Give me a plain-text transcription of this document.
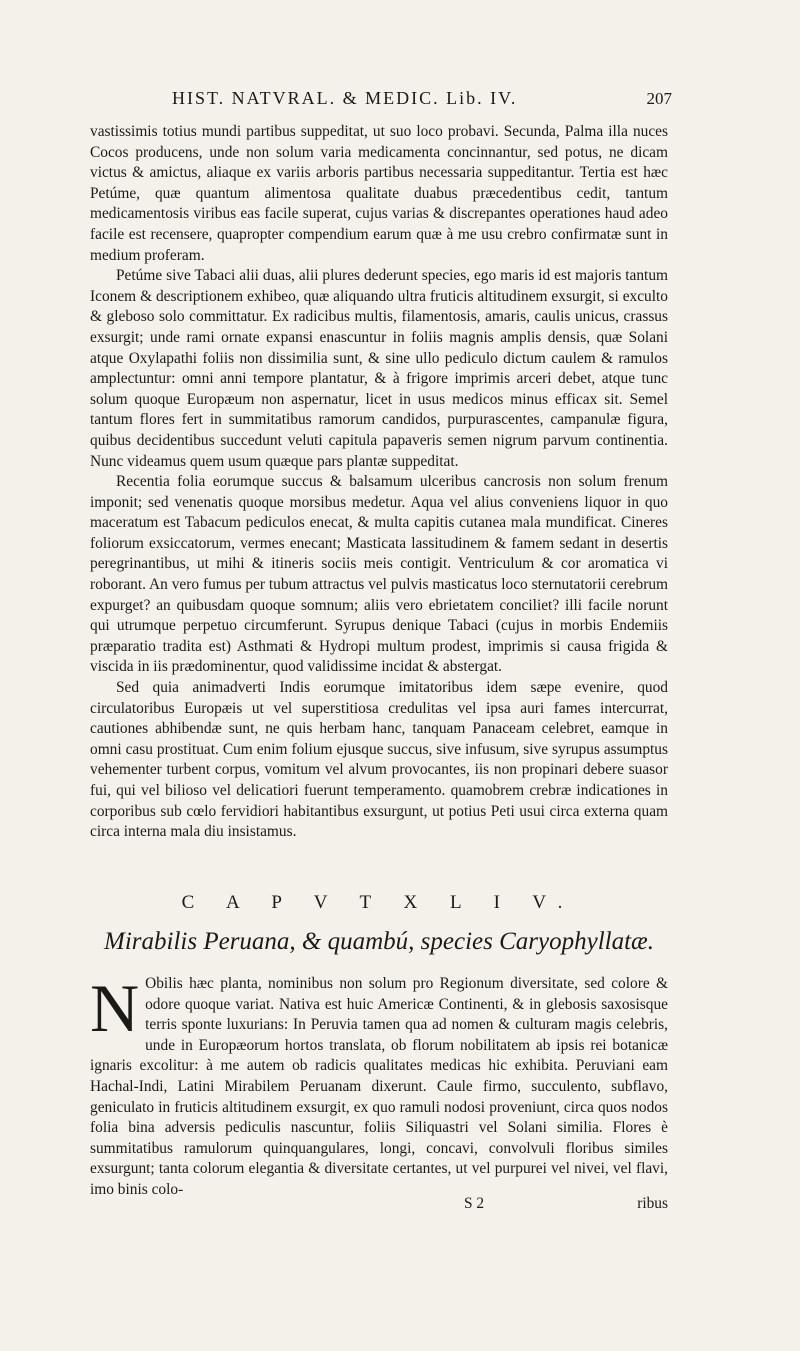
HIST. NATVRAL. & MEDIC. Lib. IV.	207

vastissimis totius mundi partibus suppeditat, ut suo loco probavi. Secunda, Palma illa nuces Cocos producens, unde non solum varia medicamenta concinnantur, sed potus, ne dicam victus & amictus, aliaque ex variis arboris partibus necessaria suppeditantur. Tertia est hæc Petúme, quæ quantum alimentosa qualitate duabus præcedentibus cedit, tantum medicamentosis viribus eas facile superat, cujus varias & discrepantes operationes haud adeo facile est recensere, quapropter compendium earum quæ à me usu crebro confirmatæ sunt in medium proferam.

Petúme sive Tabaci alii duas, alii plures dederunt species, ego maris id est majoris tantum Iconem & descriptionem exhibeo, quæ aliquando ultra fruticis altitudinem exsurgit, si exculto & gleboso solo committatur. Ex radicibus multis, filamentosis, amaris, caulis unicus, crassus exsurgit; unde rami ornate expansi enascuntur in foliis magnis amplis densis, quæ Solani atque Oxylapathi foliis non dissimilia sunt, & sine ullo pediculo dictum caulem & ramulos amplectuntur: omni anni tempore plantatur, & à frigore imprimis arceri debet, atque tunc solum quoque Europæum non aspernatur, licet in usus medicos minus efficax sit. Semel tantum flores fert in summitatibus ramorum candidos, purpurascentes, campanulæ figura, quibus decidentibus succedunt veluti capitula papaveris semen nigrum parvum continentia. Nunc videamus quem usum quæque pars plantæ suppeditat.

Recentia folia eorumque succus & balsamum ulceribus cancrosis non solum frenum imponit; sed venenatis quoque morsibus medetur. Aqua vel alius conveniens liquor in quo maceratum est Tabacum pediculos enecat, & multa capitis cutanea mala mundificat. Cineres foliorum exsiccatorum, vermes enecant; Masticata lassitudinem & famem sedant in desertis peregrinantibus, ut mihi & itineris sociis meis contigit. Ventriculum & cor aromatica vi roborant. An vero fumus per tubum attractus vel pulvis masticatus loco sternutatorii cerebrum expurget? an quibusdam quoque somnum; aliis vero ebrietatem conciliet? illi facile norunt qui utrumque perpetuo circumferunt. Syrupus denique Tabaci (cujus in morbis Endemiis præparatio tradita est) Asthmati & Hydropi multum prodest, imprimis si causa frigida & viscida in iis prædominentur, quod validissime incidat & abstergat.

Sed quia animadverti Indis eorumque imitatoribus idem sæpe evenire, quod circulatoribus Europæis ut vel superstitiosa credulitas vel ipsa auri fames intercurrat, cautiones abhibendæ sunt, ne quis herbam hanc, tanquam Panaceam celebret, eamque in omni casu prostituat. Cum enim folium ejusque succus, sive infusum, sive syrupus assumptus vehementer turbent corpus, vomitum vel alvum provocantes, iis non propinari debere suasor fui, qui vel bilioso vel delicatiori fuerunt temperamento. quamobrem crebræ indicationes in corporibus sub cœlo fervidiori habitantibus exsurgunt, ut potius Peti usui circa externa quam circa interna mala diu insistamus.

C A P V T X L I V.
Mirabilis Peruana, & quambú, species Caryophyllatæ.

N Obilis hæc planta, nominibus non solum pro Regionum diversitate, sed colore & odore quoque variat. Nativa est huic Americæ Continenti, & in glebosis saxosisque terris sponte luxurians: In Peruvia tamen qua ad nomen & culturam magis celebris, unde in Europæorum hortos translata, ob florum nobilitatem ab ipsis rei botanicæ ignaris excolitur: à me autem ob radicis qualitates medicas hic exhibita. Peruviani eam Hachal-Indi, Latini Mirabilem Peruanam dixerunt. Caule firmo, succulento, subflavo, geniculato in fruticis altitudinem exsurgit, ex quo ramuli nodosi proveniunt, circa quos nodos folia bina adversis pediculis nascuntur, foliis Siliquastri vel Solani similia. Flores è summitatibus ramulorum quinquangulares, longi, concavi, convolvuli floribus similes exsurgunt; tanta colorum elegantia & diversitate certantes, ut vel purpurei vel nivei, vel flavi, imo binis colo-

S 2	ribus
